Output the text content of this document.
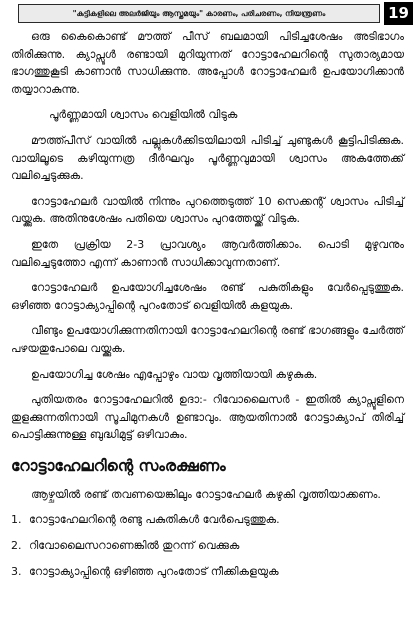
"കുട്ടികളിലെ അലർജിയും ആസ്തമയും" കാരണം, പരിചരണം, നിയന്ത്രണം	19

ഒരു കൈകൊണ്ട് മൗത്ത് പീസ് ബലമായി പിടിച്ചശേഷം അടിഭാഗം തിരിക്കുന്നു. ക്യാപ്സൂൾ രണ്ടായി മുറിയുന്നത് റോട്ടാഹേലറിന്റെ സുതാര്യമായ ഭാഗത്തുകൂടി കാണാൻ സാധിക്കുന്നു. അപ്പോൾ റോട്ടാഹേലർ ഉപയോഗിക്കാൻ തയ്യാറാകുന്നു.

പൂർണ്ണമായി ശ്വാസം വെളിയിൽ വിടുക

മൗത്ത്പീസ് വായിൽ പല്ലുകൾക്കിടയിലായി പിടിച്ച് ചുണ്ടുകൾ കൂട്ടിപിടിക്കുക. വായിലൂടെ കഴിയുന്നത്ര ദീർഘവും പൂർണ്ണവുമായി ശ്വാസം അകത്തേക്ക് വലിച്ചെടുക്കുക.

റോട്ടാഹേലർ വായിൽ നിന്നും പുറത്തെടുത്ത് 10 സെക്കന്റ് ശ്വാസം പിടിച്ച് വയ്ക്കുക. അതിനുശേഷം പതിയെ ശ്വാസം പുറത്തേയ്ക്ക് വിടുക.

ഇതേ പ്രക്രിയ 2-3 പ്രാവശ്യം ആവർത്തിക്കാം. പൊടി മുഴുവനും വലിച്ചെടുത്തോ എന്ന് കാണാൻ സാധിക്കാവുന്നതാണ്.

റോട്ടാഹേലർ ഉപയോഗിച്ചശേഷം രണ്ട് പകുതികളും വേർപ്പെടുത്തുക. ഒഴിഞ്ഞ റോട്ടാക്യാപ്പിന്റെ പുറംതോട് വെളിയിൽ കളയുക.

വീണ്ടും ഉപയോഗിക്കുന്നതിനായി റോട്ടാഹേലറിന്റെ രണ്ട് ഭാഗങ്ങളും ചേർത്ത് പഴയതുപോലെ വയ്ക്കുക.

ഉപയോഗിച്ച ശേഷം എപ്പോഴും വായ വൃത്തിയായി കഴുകുക.

പുതിയതരം റോട്ടാഹേലറിൽ ഉദാ:- റിവോലൈസർ - ഇതിൽ ക്യാപ്സൂളിനെ തുളക്കുന്നതിനായി സൂചിമുനകൾ ഉണ്ടാവും. ആയതിനാൽ റോട്ടാക്യാപ് തിരിച്ച് പൊട്ടിക്കുന്നുള്ള ബുദ്ധിമുട്ട് ഒഴിവാകും.

റോട്ടാഹേലറിന്റെ സംരക്ഷണം

ആഴ്ചയിൽ രണ്ട് തവണയെങ്കിലും റോട്ടാഹേലർ കഴുകി വൃത്തിയാക്കണം.

1. റോട്ടാഹേലറിന്റെ രണ്ടു പകുതികൾ വേർപെടുത്തുക.
2. റിവോലൈസറാണെങ്കിൽ തുറന്ന് വെക്കുക
3. റോട്ടാക്യാപ്പിന്റെ ഒഴിഞ്ഞ പുറംതോട് നീക്കികളയുക
